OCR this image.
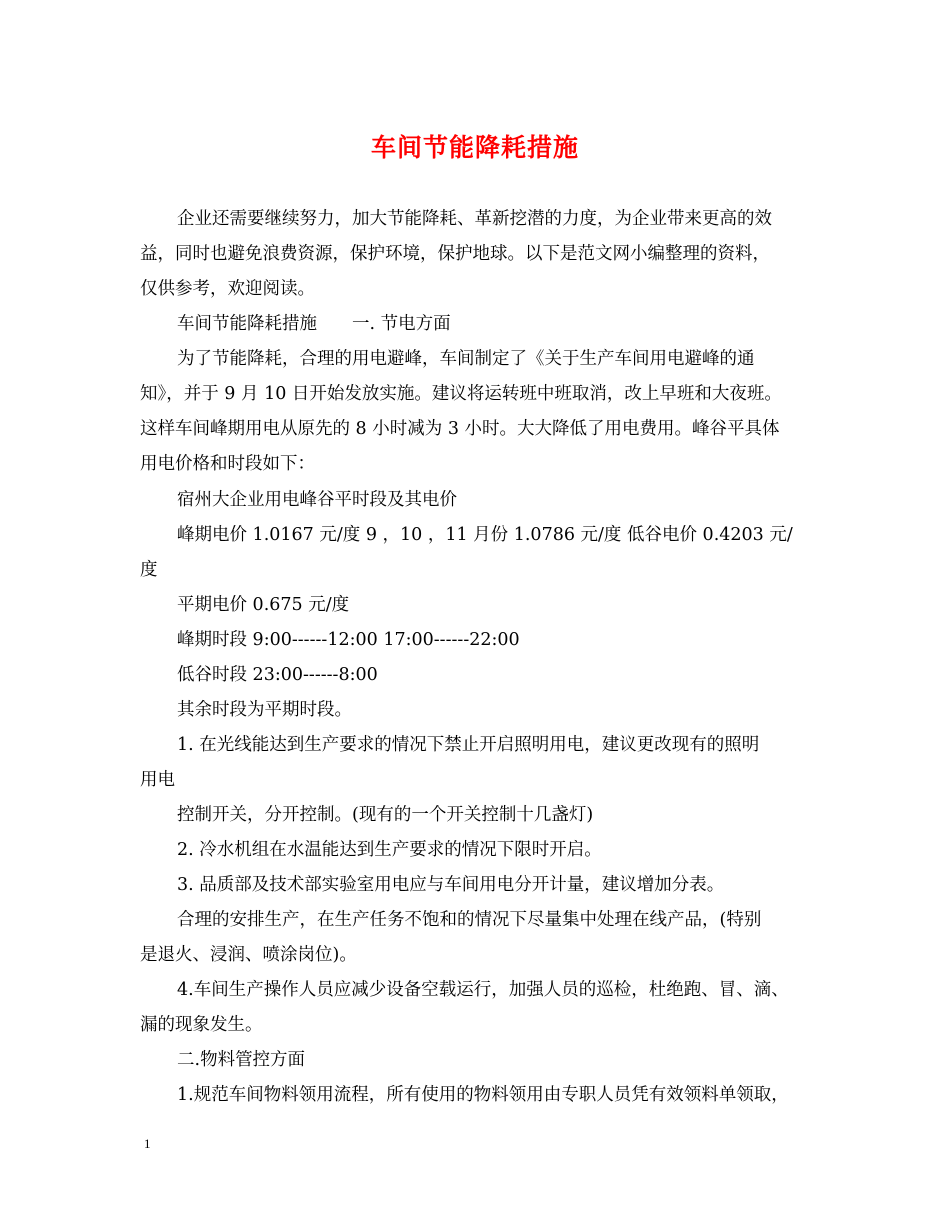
车间节能降耗措施
企业还需要继续努力，加大节能降耗、革新挖潜的力度，为企业带来更高的效
益，同时也避免浪费资源，保护环境，保护地球。以下是范文网小编整理的资料，
仅供参考，欢迎阅读。
车间节能降耗措施　　一. 节电方面
为了节能降耗，合理的用电避峰，车间制定了《关于生产车间用电避峰的通
知》，并于 9 月 10 日开始发放实施。建议将运转班中班取消，改上早班和大夜班。
这样车间峰期用电从原先的 8 小时减为 3 小时。大大降低了用电费用。峰谷平具体
用电价格和时段如下：
宿州大企业用电峰谷平时段及其电价
峰期电价 1.0167 元/度 9 ，10 ，11 月份 1.0786 元/度 低谷电价 0.4203 元/
度
平期电价 0.675 元/度
峰期时段 9:00------12:00 17:00------22:00
低谷时段 23:00------8:00
其余时段为平期时段。
1. 在光线能达到生产要求的情况下禁止开启照明用电，建议更改现有的照明
用电
控制开关，分开控制。(现有的一个开关控制十几盏灯)
2. 冷水机组在水温能达到生产要求的情况下限时开启。
3. 品质部及技术部实验室用电应与车间用电分开计量，建议增加分表。
合理的安排生产，在生产任务不饱和的情况下尽量集中处理在线产品，(特别
是退火、浸润、喷涂岗位)。
4.车间生产操作人员应减少设备空载运行，加强人员的巡检，杜绝跑、冒、滴、
漏的现象发生。
二.物料管控方面
1.规范车间物料领用流程，所有使用的物料领用由专职人员凭有效领料单领取，
1
